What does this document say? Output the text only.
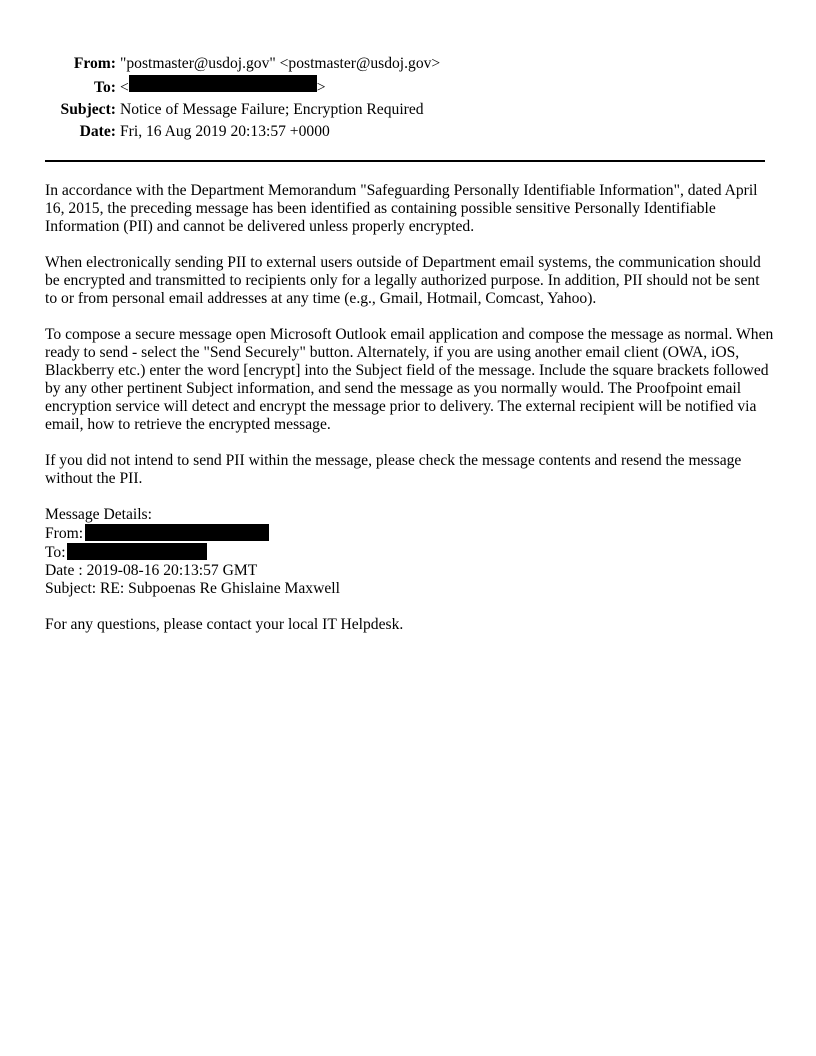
From: "postmaster@usdoj.gov" <postmaster@usdoj.gov>
To: <	>
Subject: Notice of Message Failure; Encryption Required
Date: Fri, 16 Aug 2019 20:13:57 +0000

In accordance with the Department Memorandum "Safeguarding Personally Identifiable Information", dated April 16, 2015, the preceding message has been identified as containing possible sensitive Personally Identifiable Information (PII) and cannot be delivered unless properly encrypted.

When electronically sending PII to external users outside of Department email systems, the communication should be encrypted and transmitted to recipients only for a legally authorized purpose. In addition, PII should not be sent to or from personal email addresses at any time (e.g., Gmail, Hotmail, Comcast, Yahoo).

To compose a secure message open Microsoft Outlook email application and compose the message as normal. When ready to send - select the "Send Securely" button. Alternately, if you are using another email client (OWA, iOS, Blackberry etc.) enter the word [encrypt] into the Subject field of the message. Include the square brackets followed by any other pertinent Subject information, and send the message as you normally would. The Proofpoint email encryption service will detect and encrypt the message prior to delivery. The external recipient will be notified via email, how to retrieve the encrypted message.

If you did not intend to send PII within the message, please check the message contents and resend the message without the PII.

Message Details:
From:
To:
Date : 2019-08-16 20:13:57 GMT
Subject: RE: Subpoenas Re Ghislaine Maxwell

For any questions, please contact your local IT Helpdesk.
